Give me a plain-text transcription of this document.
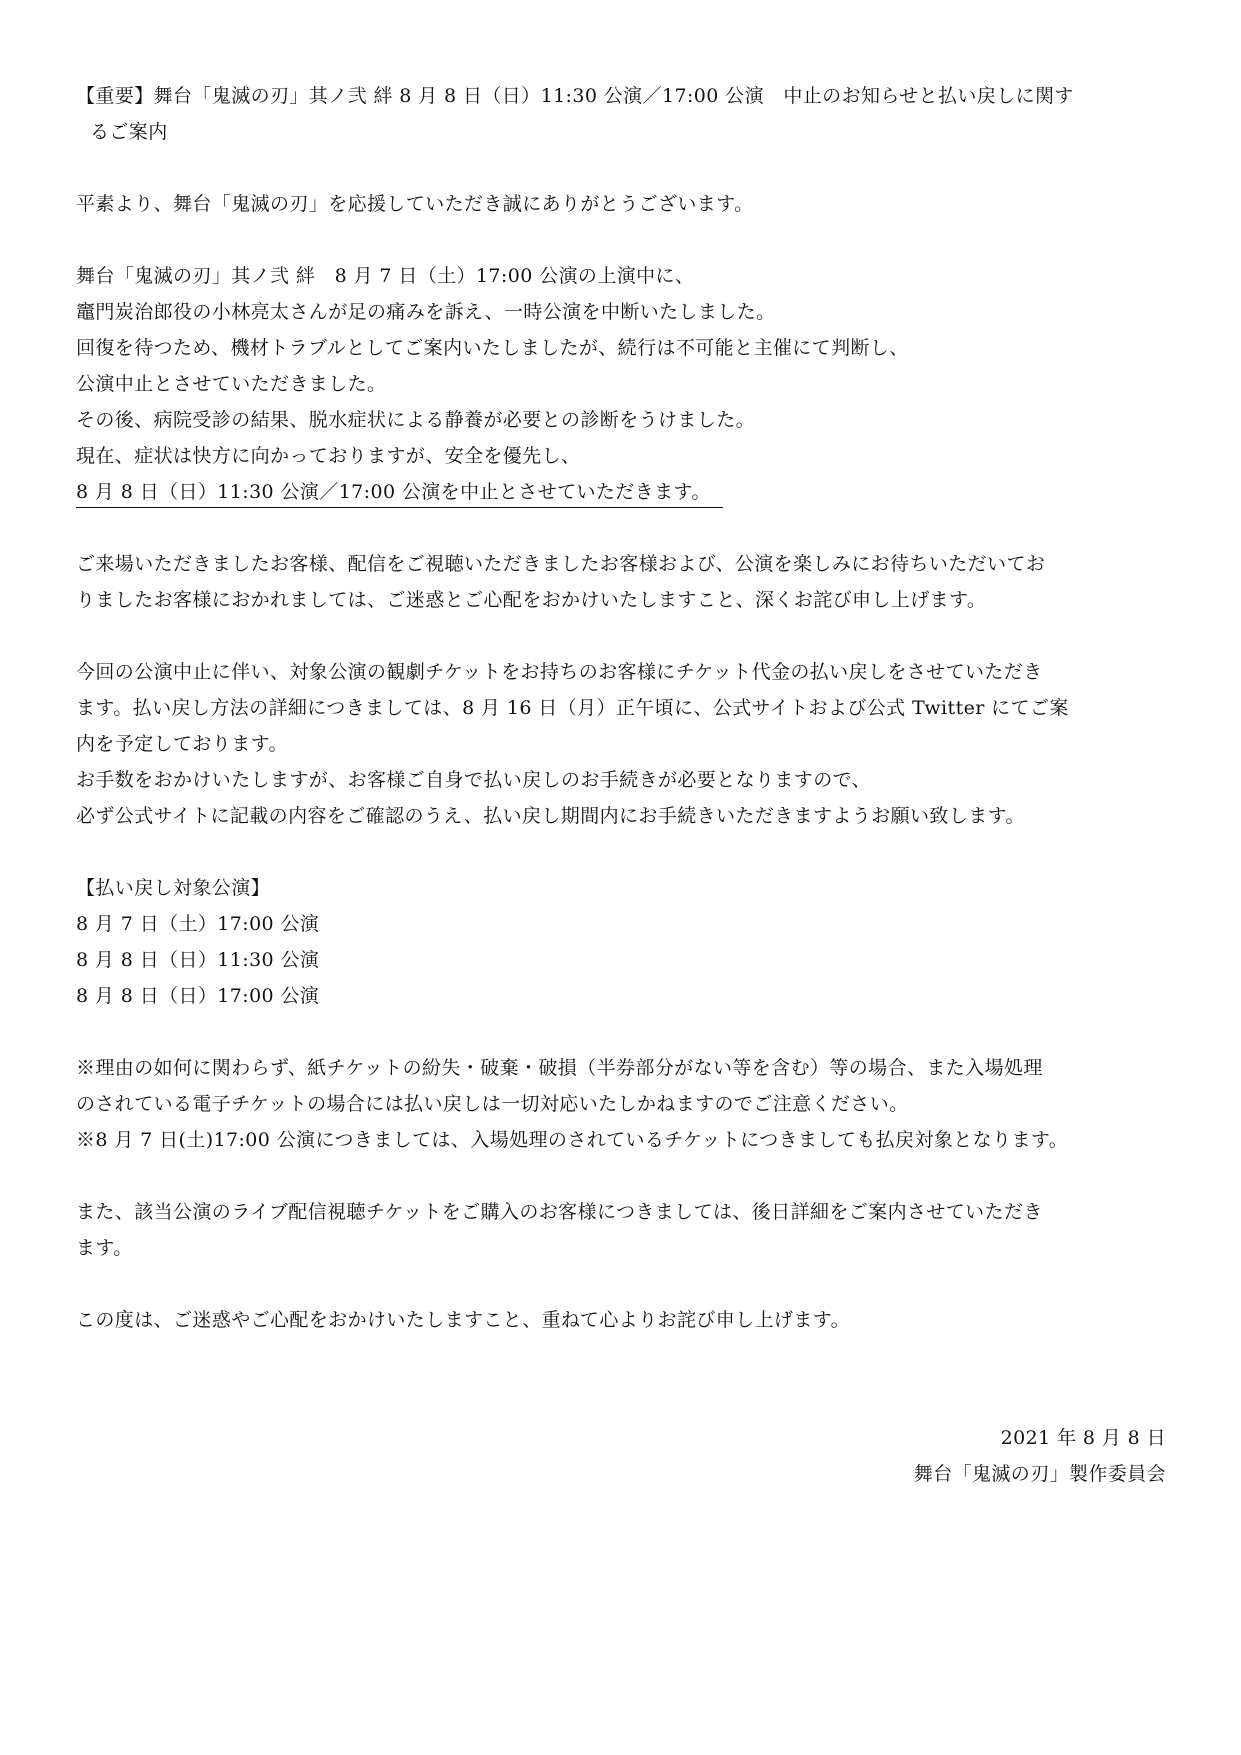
【重要】舞台「鬼滅の刃」其ノ弐 絆 8 月 8 日（日）11:30 公演／17:00 公演　中止のお知らせと払い戻しに関す
るご案内
平素より、舞台「鬼滅の刃」を応援していただき誠にありがとうございます。
舞台「鬼滅の刃」其ノ弐 絆　8 月 7 日（土）17:00 公演の上演中に、
竈門炭治郎役の小林亮太さんが足の痛みを訴え、一時公演を中断いたしました。
回復を待つため、機材トラブルとしてご案内いたしましたが、続行は不可能と主催にて判断し、
公演中止とさせていただきました。
その後、病院受診の結果、脱水症状による静養が必要との診断をうけました。
現在、症状は快方に向かっておりますが、安全を優先し、
8 月 8 日（日）11:30 公演／17:00 公演を中止とさせていただきます。
ご来場いただきましたお客様、配信をご視聴いただきましたお客様および、公演を楽しみにお待ちいただいてお
りましたお客様におかれましては、ご迷惑とご心配をおかけいたしますこと、深くお詫び申し上げます。
今回の公演中止に伴い、対象公演の観劇チケットをお持ちのお客様にチケット代金の払い戻しをさせていただき
ます。払い戻し方法の詳細につきましては、8 月 16 日（月）正午頃に、公式サイトおよび公式 Twitter にてご案
内を予定しております。
お手数をおかけいたしますが、お客様ご自身で払い戻しのお手続きが必要となりますので、
必ず公式サイトに記載の内容をご確認のうえ、払い戻し期間内にお手続きいただきますようお願い致します。
【払い戻し対象公演】
8 月 7 日（土）17:00 公演
8 月 8 日（日）11:30 公演
8 月 8 日（日）17:00 公演
※理由の如何に関わらず、紙チケットの紛失・破棄・破損（半券部分がない等を含む）等の場合、また入場処理
のされている電子チケットの場合には払い戻しは一切対応いたしかねますのでご注意ください。
※8 月 7 日(土)17:00 公演につきましては、入場処理のされているチケットにつきましても払戻対象となります。
また、該当公演のライブ配信視聴チケットをご購入のお客様につきましては、後日詳細をご案内させていただき
ます。
この度は、ご迷惑やご心配をおかけいたしますこと、重ねて心よりお詫び申し上げます。
2021 年 8 月 8 日
舞台「鬼滅の刃」製作委員会
